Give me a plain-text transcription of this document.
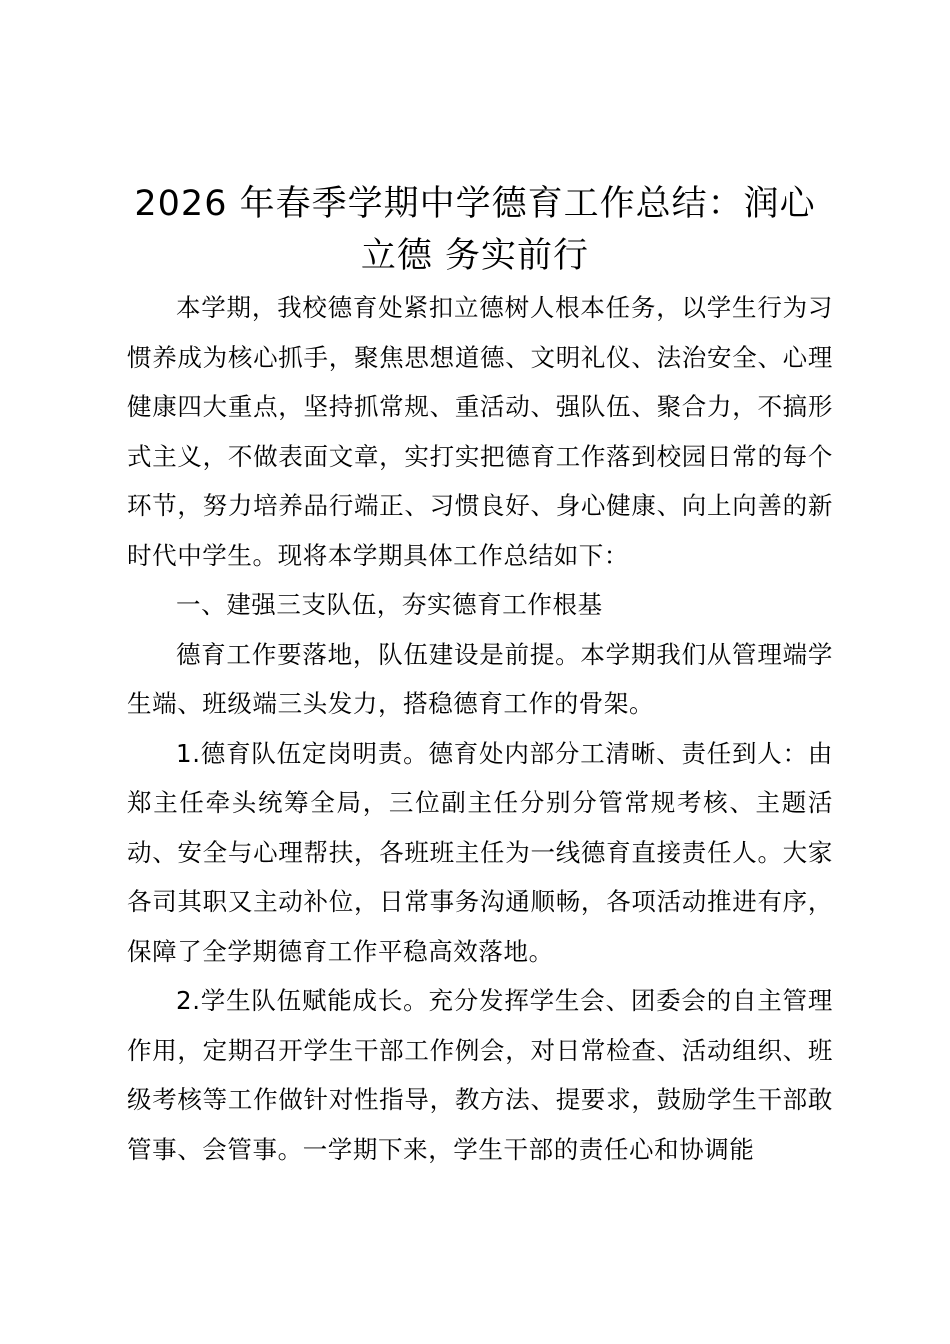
2026 年春季学期中学德育工作总结：润心立德 务实前行

本学期，我校德育处紧扣立德树人根本任务，以学生行为习惯养成为核心抓手，聚焦思想道德、文明礼仪、法治安全、心理健康四大重点，坚持抓常规、重活动、强队伍、聚合力，不搞形式主义，不做表面文章，实打实把德育工作落到校园日常的每个环节，努力培养品行端正、习惯良好、身心健康、向上向善的新时代中学生。现将本学期具体工作总结如下：

一、建强三支队伍，夯实德育工作根基

德育工作要落地，队伍建设是前提。本学期我们从管理端学生端、班级端三头发力，搭稳德育工作的骨架。

1.德育队伍定岗明责。德育处内部分工清晰、责任到人：由郑主任牵头统筹全局，三位副主任分别分管常规考核、主题活动、安全与心理帮扶，各班班主任为一线德育直接责任人。大家各司其职又主动补位，日常事务沟通顺畅，各项活动推进有序，保障了全学期德育工作平稳高效落地。

2.学生队伍赋能成长。充分发挥学生会、团委会的自主管理作用，定期召开学生干部工作例会，对日常检查、活动组织、班级考核等工作做针对性指导，教方法、提要求，鼓励学生干部敢管事、会管事。一学期下来，学生干部的责任心和协调能
